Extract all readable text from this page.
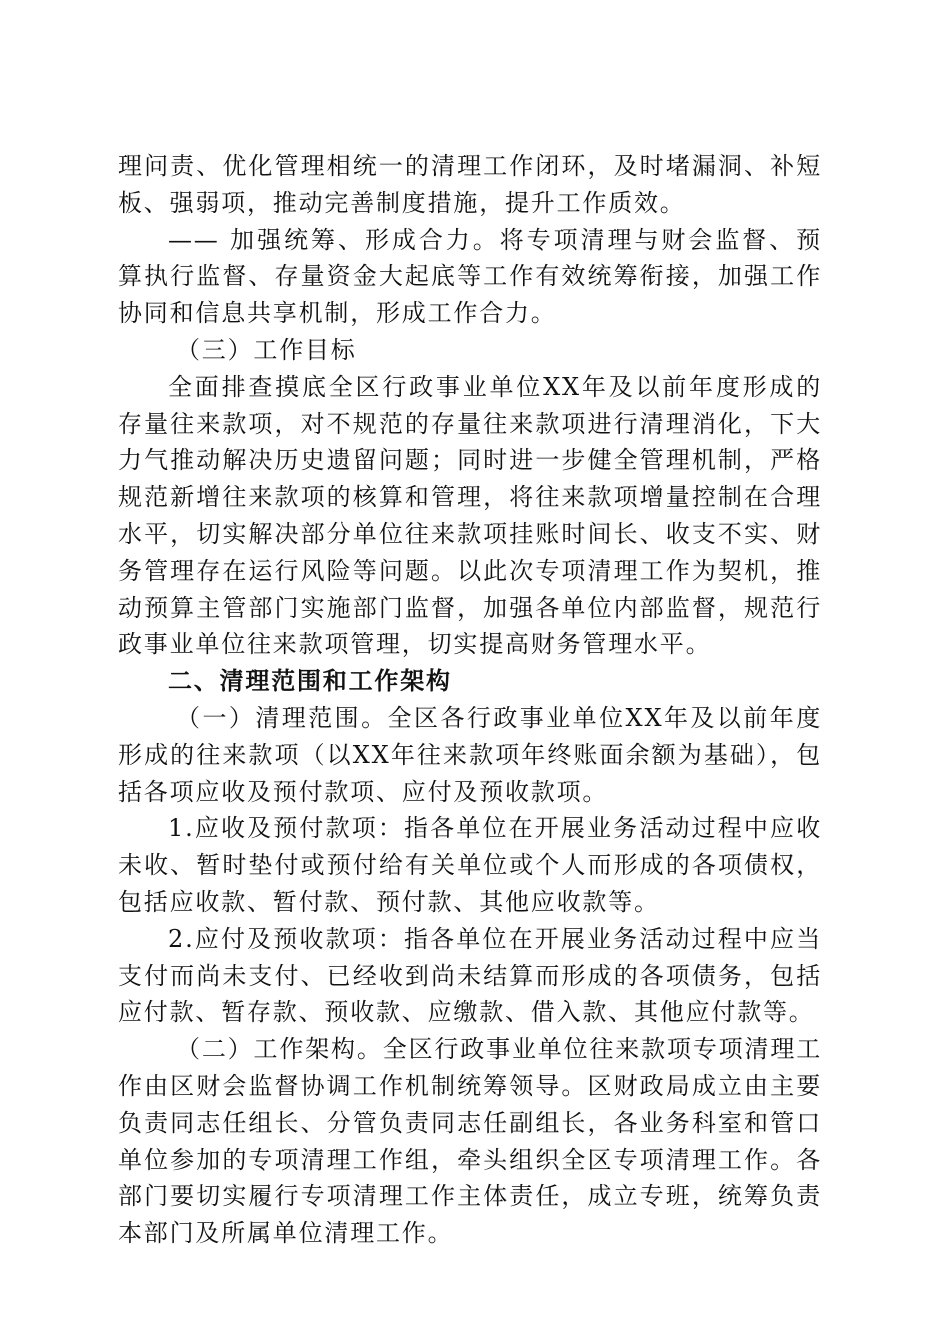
理问责、优化管理相统一的清理工作闭环，及时堵漏洞、补短板、强弱项，推动完善制度措施，提升工作质效。

—— 加强统筹、形成合力。将专项清理与财会监督、预算执行监督、存量资金大起底等工作有效统筹衔接，加强工作协同和信息共享机制，形成工作合力。

（三）工作目标

全面排查摸底全区行政事业单位XX年及以前年度形成的存量往来款项，对不规范的存量往来款项进行清理消化，下大力气推动解决历史遗留问题；同时进一步健全管理机制，严格规范新增往来款项的核算和管理，将往来款项增量控制在合理水平，切实解决部分单位往来款项挂账时间长、收支不实、财务管理存在运行风险等问题。以此次专项清理工作为契机，推动预算主管部门实施部门监督，加强各单位内部监督，规范行政事业单位往来款项管理，切实提高财务管理水平。

二、清理范围和工作架构

（一）清理范围。全区各行政事业单位XX年及以前年度形成的往来款项（以XX年往来款项年终账面余额为基础），包括各项应收及预付款项、应付及预收款项。

1.应收及预付款项：指各单位在开展业务活动过程中应收未收、暂时垫付或预付给有关单位或个人而形成的各项债权，包括应收款、暂付款、预付款、其他应收款等。

2.应付及预收款项：指各单位在开展业务活动过程中应当支付而尚未支付、已经收到尚未结算而形成的各项债务，包括应付款、暂存款、预收款、应缴款、借入款、其他应付款等。

（二）工作架构。全区行政事业单位往来款项专项清理工作由区财会监督协调工作机制统筹领导。区财政局成立由主要负责同志任组长、分管负责同志任副组长，各业务科室和管口单位参加的专项清理工作组，牵头组织全区专项清理工作。各部门要切实履行专项清理工作主体责任，成立专班，统筹负责本部门及所属单位清理工作。
